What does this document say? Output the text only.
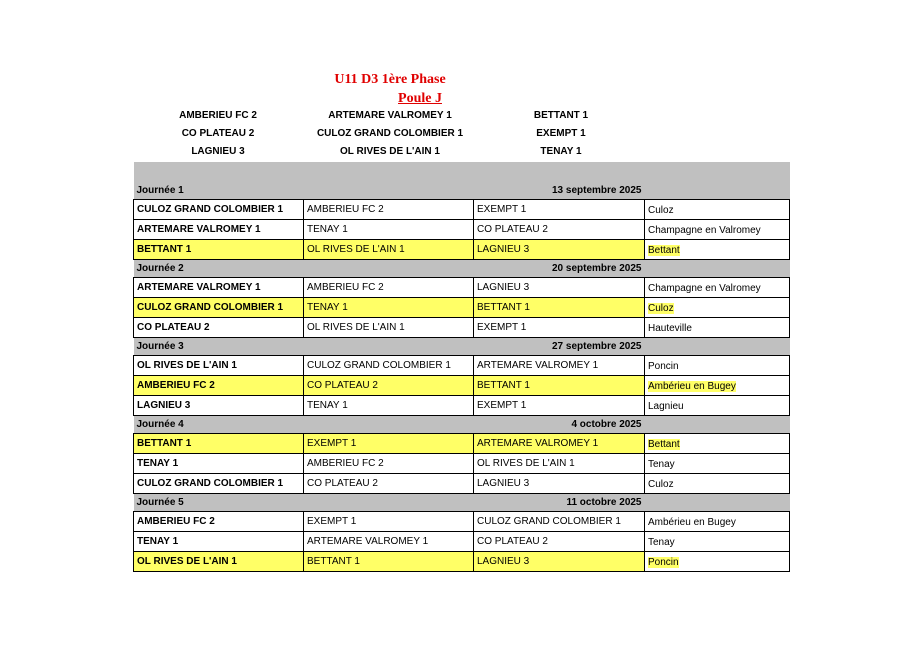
U11 D3 1ère Phase
Poule J
AMBERIEU FC 2	ARTEMARE VALROMEY 1	BETTANT 1
CO PLATEAU 2	CULOZ GRAND COLOMBIER 1	EXEMPT 1
LAGNIEU 3	OL RIVES DE L'AIN 1	TENAY 1

Journée 1		13 septembre 2025	
CULOZ GRAND COLOMBIER 1	AMBERIEU FC 2	EXEMPT 1	Culoz
ARTEMARE VALROMEY 1	TENAY 1	CO PLATEAU 2	Champagne en Valromey
BETTANT 1	OL RIVES DE L'AIN 1	LAGNIEU 3	Bettant
Journée 2		20 septembre 2025	
ARTEMARE VALROMEY 1	AMBERIEU FC 2	LAGNIEU 3	Champagne en Valromey
CULOZ GRAND COLOMBIER 1	TENAY 1	BETTANT 1	Culoz
CO PLATEAU 2	OL RIVES DE L'AIN 1	EXEMPT 1	Hauteville
Journée 3		27 septembre 2025	
OL RIVES DE L'AIN 1	CULOZ GRAND COLOMBIER 1	ARTEMARE VALROMEY 1	Poncin
AMBERIEU FC 2	CO PLATEAU 2	BETTANT 1	Ambérieu en Bugey
LAGNIEU 3	TENAY 1	EXEMPT 1	Lagnieu
Journée 4		4 octobre 2025	
BETTANT 1	EXEMPT 1	ARTEMARE VALROMEY 1	Bettant
TENAY 1	AMBERIEU FC 2	OL RIVES DE L'AIN 1	Tenay
CULOZ GRAND COLOMBIER 1	CO PLATEAU 2	LAGNIEU 3	Culoz
Journée 5		11 octobre 2025	
AMBERIEU FC 2	EXEMPT 1	CULOZ GRAND COLOMBIER 1	Ambérieu en Bugey
TENAY 1	ARTEMARE VALROMEY 1	CO PLATEAU 2	Tenay
OL RIVES DE L'AIN 1	BETTANT 1	LAGNIEU 3	Poncin
